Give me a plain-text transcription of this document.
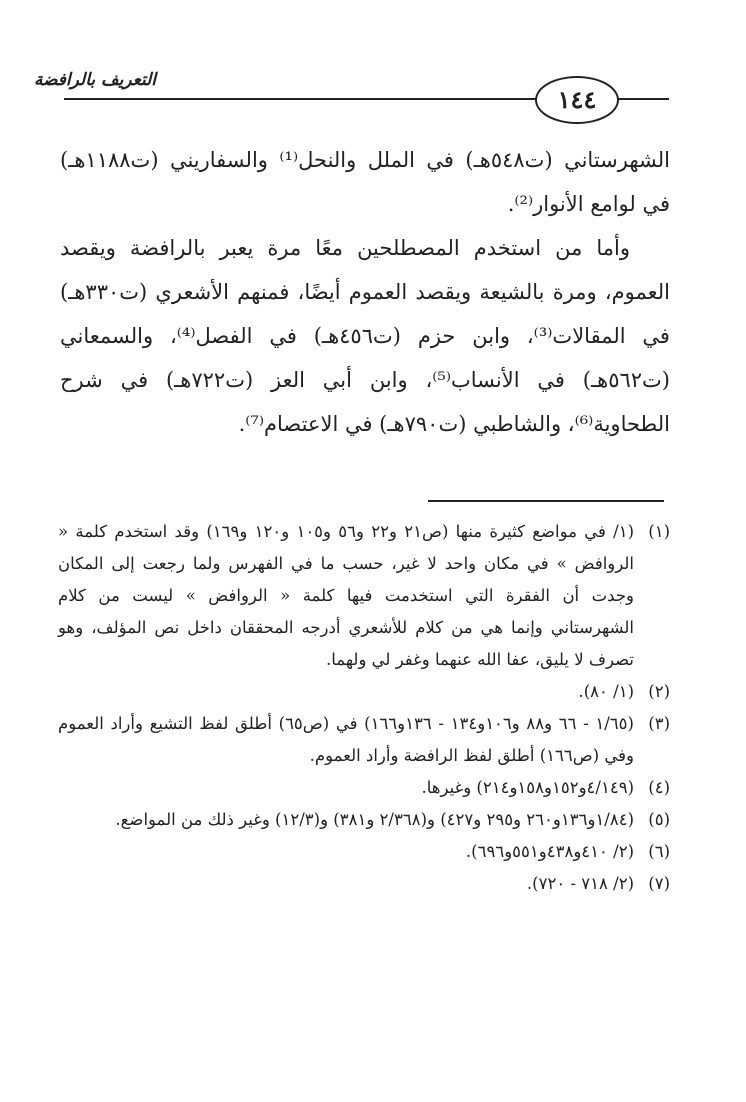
التعريف بالرافضة
١٤٤

الشهرستاني (ت٥٤٨هـ) في الملل والنحل⁽¹⁾ والسفاريني (ت١١٨٨هـ) في لوامع الأنوار⁽²⁾.

وأما من استخدم المصطلحين معًا مرة يعبر بالرافضة ويقصد العموم، ومرة بالشيعة ويقصد العموم أيضًا، فمنهم الأشعري (ت٣٣٠هـ) في المقالات⁽³⁾، وابن حزم (ت٤٥٦هـ) في الفصل⁽⁴⁾، والسمعاني (ت٥٦٢هـ) في الأنساب⁽⁵⁾، وابن أبي العز (ت٧٢٢هـ) في شرح الطحاوية⁽⁶⁾، والشاطبي (ت٧٩٠هـ) في الاعتصام⁽⁷⁾.

(١)
(١/ في مواضع كثيرة منها (ص٢١ و٢٢ و٥٦ و١٠٥ و١٢٠ و١٦٩) وقد استخدم كلمة « الروافض » في مكان واحد لا غير، حسب ما في الفهرس ولما رجعت إلى المكان وجدت أن الفقرة التي استخدمت فيها كلمة « الروافض » ليست من كلام الشهرستاني وإنما هي من كلام للأشعري أدرجه المحققان داخل نص المؤلف، وهو تصرف لا يليق، عفا الله عنهما وغفر لي ولهما.

(٢)
(١/ ٨٠).

(٣)
(١/٦٥ - ٦٦ و٨٨ و١٠٦و١٣٤ - ١٣٦و١٦٦) في (ص٦٥) أطلق لفظ التشيع وأراد العموم وفي (ص١٦٦) أطلق لفظ الرافضة وأراد العموم.

(٤)
(٤/١٤٩و١٥٢و١٥٨و٢١٤) وغيرها.

(٥)
(١/٨٤و١٣٦و٢٦٠ و٢٩٥ و٤٢٧) و(٢/٣٦٨ و٣٨١) و(١٢/٣) وغير ذلك من المواضع.

(٦)
(٢/ ٤١٠و٤٣٨و٥٥١و٦٩٦).

(٧)
(٢/ ٧١٨ - ٧٢٠).
